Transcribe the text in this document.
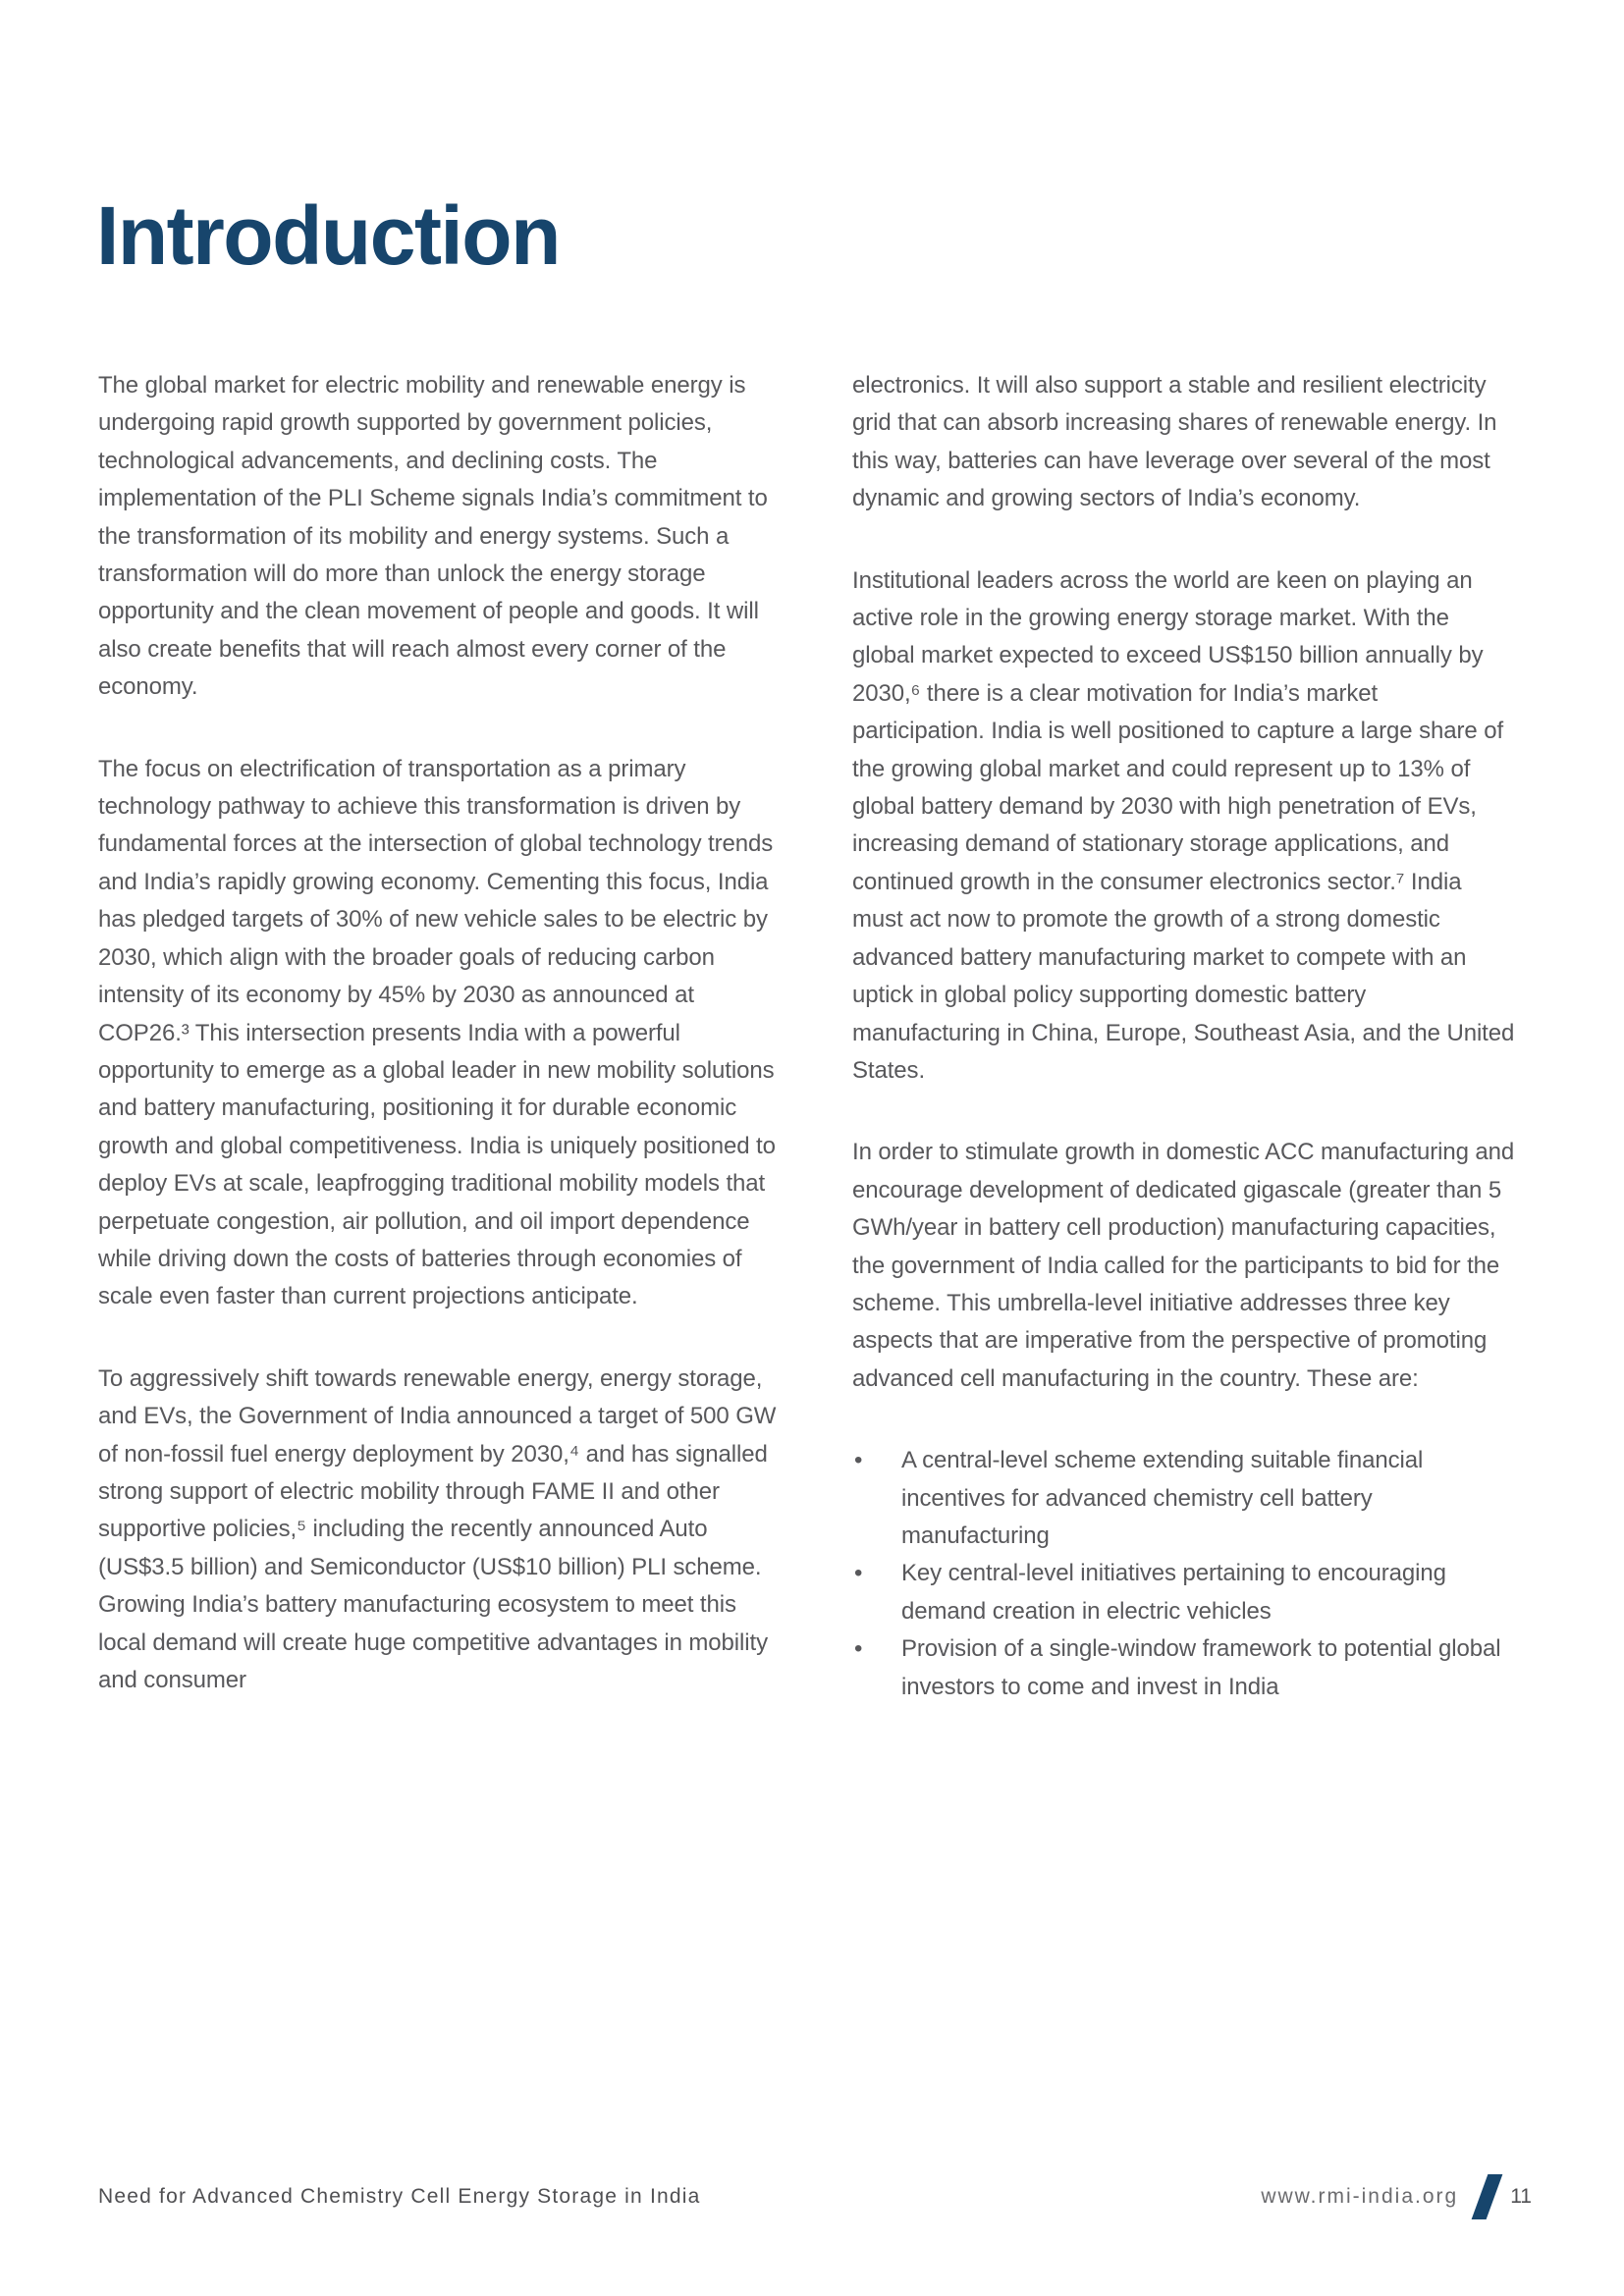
Introduction

The global market for electric mobility and renewable energy is undergoing rapid growth supported by government policies, technological advancements, and declining costs. The implementation of the PLI Scheme signals India’s commitment to the transformation of its mobility and energy systems. Such a transformation will do more than unlock the energy storage opportunity and the clean movement of people and goods. It will also create benefits that will reach almost every corner of the economy.

The focus on electrification of transportation as a primary technology pathway to achieve this transformation is driven by fundamental forces at the intersection of global technology trends and India’s rapidly growing economy. Cementing this focus, India has pledged targets of 30% of new vehicle sales to be electric by 2030, which align with the broader goals of reducing carbon intensity of its economy by 45% by 2030 as announced at COP26.³ This intersection presents India with a powerful opportunity to emerge as a global leader in new mobility solutions and battery manufacturing, positioning it for durable economic growth and global competitiveness. India is uniquely positioned to deploy EVs at scale, leapfrogging traditional mobility models that perpetuate congestion, air pollution, and oil import dependence while driving down the costs of batteries through economies of scale even faster than current projections anticipate.

To aggressively shift towards renewable energy, energy storage, and EVs, the Government of India announced a target of 500 GW of non-fossil fuel energy deployment by 2030,⁴ and has signalled strong support of electric mobility through FAME II and other supportive policies,⁵ including the recently announced Auto (US$3.5 billion) and Semiconductor (US$10 billion) PLI scheme. Growing India’s battery manufacturing ecosystem to meet this local demand will create huge competitive advantages in mobility and consumer

electronics. It will also support a stable and resilient electricity grid that can absorb increasing shares of renewable energy. In this way, batteries can have leverage over several of the most dynamic and growing sectors of India’s economy.

Institutional leaders across the world are keen on playing an active role in the growing energy storage market. With the global market expected to exceed US$150 billion annually by 2030,⁶ there is a clear motivation for India’s market participation. India is well positioned to capture a large share of the growing global market and could represent up to 13% of global battery demand by 2030 with high penetration of EVs, increasing demand of stationary storage applications, and continued growth in the consumer electronics sector.⁷ India must act now to promote the growth of a strong domestic advanced battery manufacturing market to compete with an uptick in global policy supporting domestic battery manufacturing in China, Europe, Southeast Asia, and the United States.

In order to stimulate growth in domestic ACC manufacturing and encourage development of dedicated gigascale (greater than 5 GWh/year in battery cell production) manufacturing capacities, the government of India called for the participants to bid for the scheme. This umbrella-level initiative addresses three key aspects that are imperative from the perspective of promoting advanced cell manufacturing in the country. These are:

• A central-level scheme extending suitable financial incentives for advanced chemistry cell battery manufacturing
• Key central-level initiatives pertaining to encouraging demand creation in electric vehicles
• Provision of a single-window framework to potential global investors to come and invest in India
Need for Advanced Chemistry Cell Energy Storage in India	www.rmi-india.org	11
